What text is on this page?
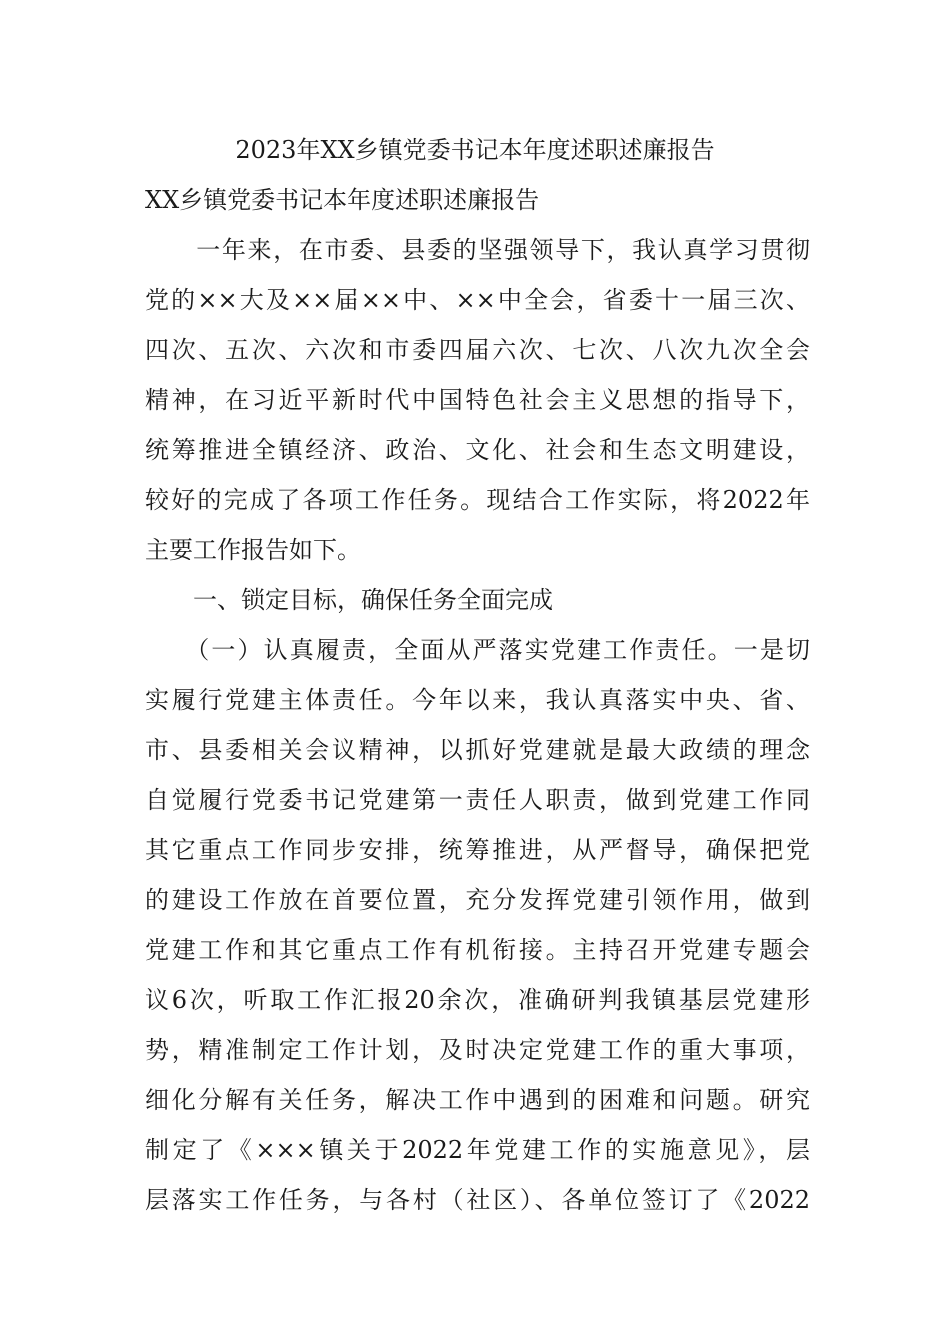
2023年XX乡镇党委书记本年度述职述廉报告

XX乡镇党委书记本年度述职述廉报告

　　一年来，在市委、县委的坚强领导下，我认真学习贯彻

党的××大及××届××中、××中全会，省委十一届三次、

四次、五次、六次和市委四届六次、七次、八次九次全会

精神，在习近平新时代中国特色社会主义思想的指导下，

统筹推进全镇经济、政治、文化、社会和生态文明建设，

较好的完成了各项工作任务。现结合工作实际，将2022年

主要工作报告如下。

　　一、锁定目标，确保任务全面完成

　　（一）认真履责，全面从严落实党建工作责任。一是切

实履行党建主体责任。今年以来，我认真落实中央、省、

市、县委相关会议精神，以抓好党建就是最大政绩的理念

自觉履行党委书记党建第一责任人职责，做到党建工作同

其它重点工作同步安排，统筹推进，从严督导，确保把党

的建设工作放在首要位置，充分发挥党建引领作用，做到

党建工作和其它重点工作有机衔接。主持召开党建专题会

议6次，听取工作汇报20余次，准确研判我镇基层党建形

势，精准制定工作计划，及时决定党建工作的重大事项，

细化分解有关任务，解决工作中遇到的困难和问题。研究

制定了《×××镇关于2022年党建工作的实施意见》，层

层落实工作任务，与各村（社区）、各单位签订了《2022
